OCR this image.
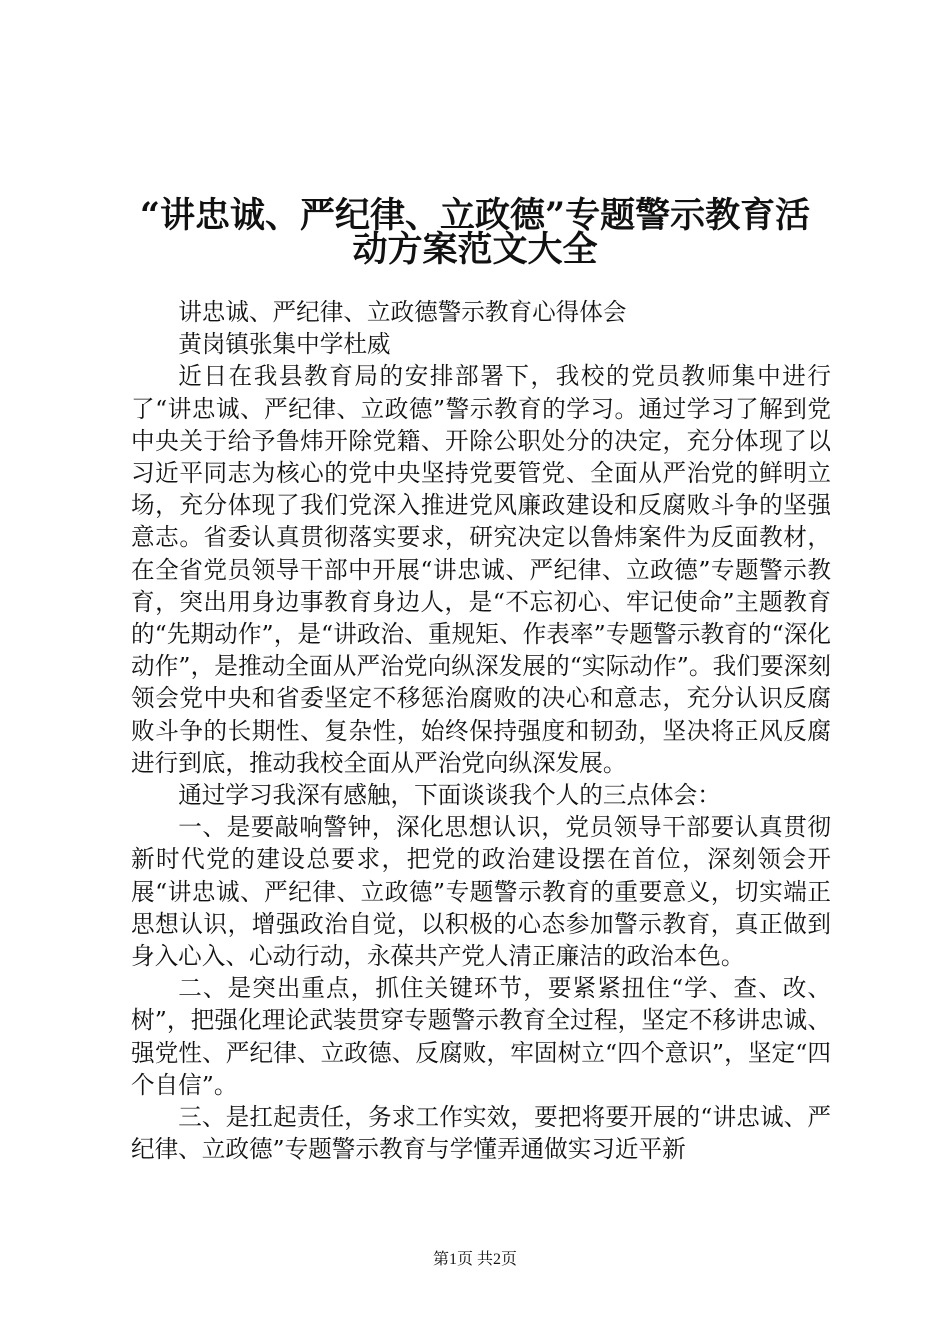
“讲忠诚、严纪律、立政德”专题警示教育活
动方案范文大全

讲忠诚、严纪律、立政德警示教育心得体会

黄岗镇张集中学杜威

近日在我县教育局的安排部署下，我校的党员教师集中进行了“讲忠诚、严纪律、立政德”警示教育的学习。通过学习了解到党中央关于给予鲁炜开除党籍、开除公职处分的决定，充分体现了以习近平同志为核心的党中央坚持党要管党、全面从严治党的鲜明立场，充分体现了我们党深入推进党风廉政建设和反腐败斗争的坚强意志。省委认真贯彻落实要求，研究决定以鲁炜案件为反面教材，在全省党员领导干部中开展“讲忠诚、严纪律、立政德”专题警示教育，突出用身边事教育身边人，是“不忘初心、牢记使命”主题教育的“先期动作”，是“讲政治、重规矩、作表率”专题警示教育的“深化动作”，是推动全面从严治党向纵深发展的“实际动作”。我们要深刻领会党中央和省委坚定不移惩治腐败的决心和意志，充分认识反腐败斗争的长期性、复杂性，始终保持强度和韧劲，坚决将正风反腐进行到底，推动我校全面从严治党向纵深发展。

通过学习我深有感触，下面谈谈我个人的三点体会：

一、是要敲响警钟，深化思想认识，党员领导干部要认真贯彻新时代党的建设总要求，把党的政治建设摆在首位，深刻领会开展“讲忠诚、严纪律、立政德”专题警示教育的重要意义，切实端正思想认识，增强政治自觉，以积极的心态参加警示教育，真正做到身入心入、心动行动，永葆共产党人清正廉洁的政治本色。

二、是突出重点，抓住关键环节，要紧紧扭住“学、查、改、树”，把强化理论武装贯穿专题警示教育全过程，坚定不移讲忠诚、强党性、严纪律、立政德、反腐败，牢固树立“四个意识”，坚定“四个自信”。

三、是扛起责任，务求工作实效，要把将要开展的“讲忠诚、严纪律、立政德”专题警示教育与学懂弄通做实习近平新

第1页 共2页
